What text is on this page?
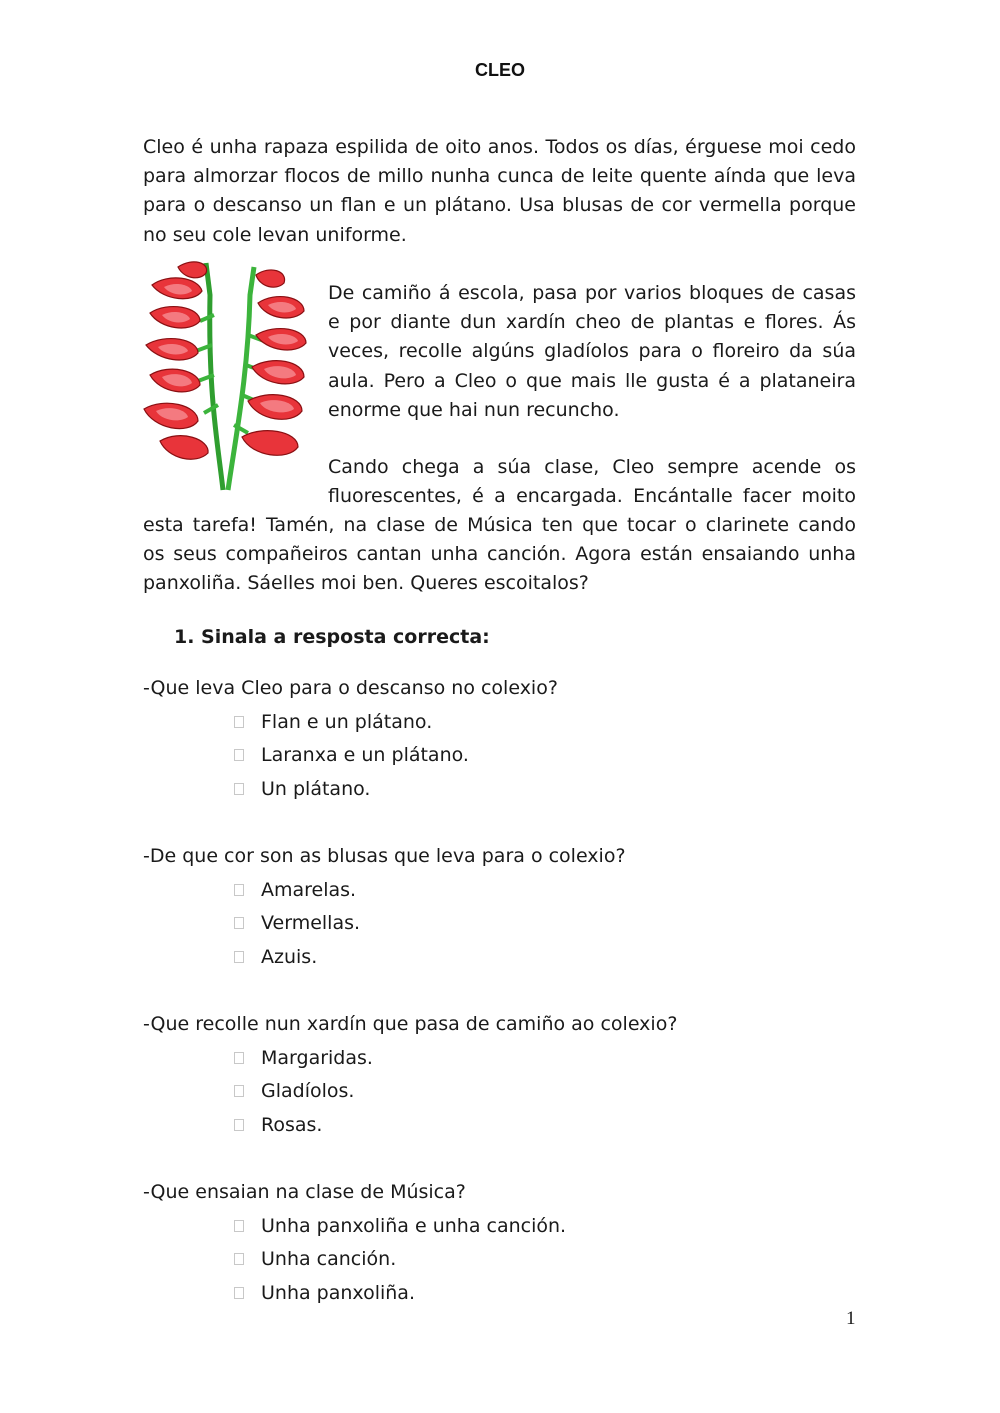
CLEO
Cleo é unha rapaza espilida de oito anos. Todos os días, érguese moi cedo
para almorzar flocos de millo nunha cunca de leite quente aínda que leva
para o descanso un flan e un plátano. Usa blusas de cor vermella porque
no seu cole levan uniforme.
De camiño á escola, pasa por varios bloques de casas
e por diante dun xardín cheo de plantas e flores. Ás
veces, recolle algúns gladíolos para o floreiro da súa
aula. Pero a Cleo o que mais lle gusta é a plataneira
enorme que hai nun recuncho.
Cando chega a súa clase, Cleo sempre acende os
fluorescentes, é a encargada. Encántalle facer moito
esta tarefa! Tamén, na clase de Música ten que tocar o clarinete cando
os seus compañeiros cantan unha canción. Agora están ensaiando unha
panxoliña. Sáelles moi ben. Queres escoitalos?
1. Sinala a resposta correcta:
-Que leva Cleo para o descanso no colexio?
Flan e un plátano.
Laranxa e un plátano.
Un plátano.
-De que cor son as blusas que leva para o colexio?
Amarelas.
Vermellas.
Azuis.
-Que recolle nun xardín que pasa de camiño ao colexio?
Margaridas.
Gladíolos.
Rosas.
-Que ensaian na clase de Música?
Unha panxoliña e unha canción.
Unha canción.
Unha panxoliña.
1
